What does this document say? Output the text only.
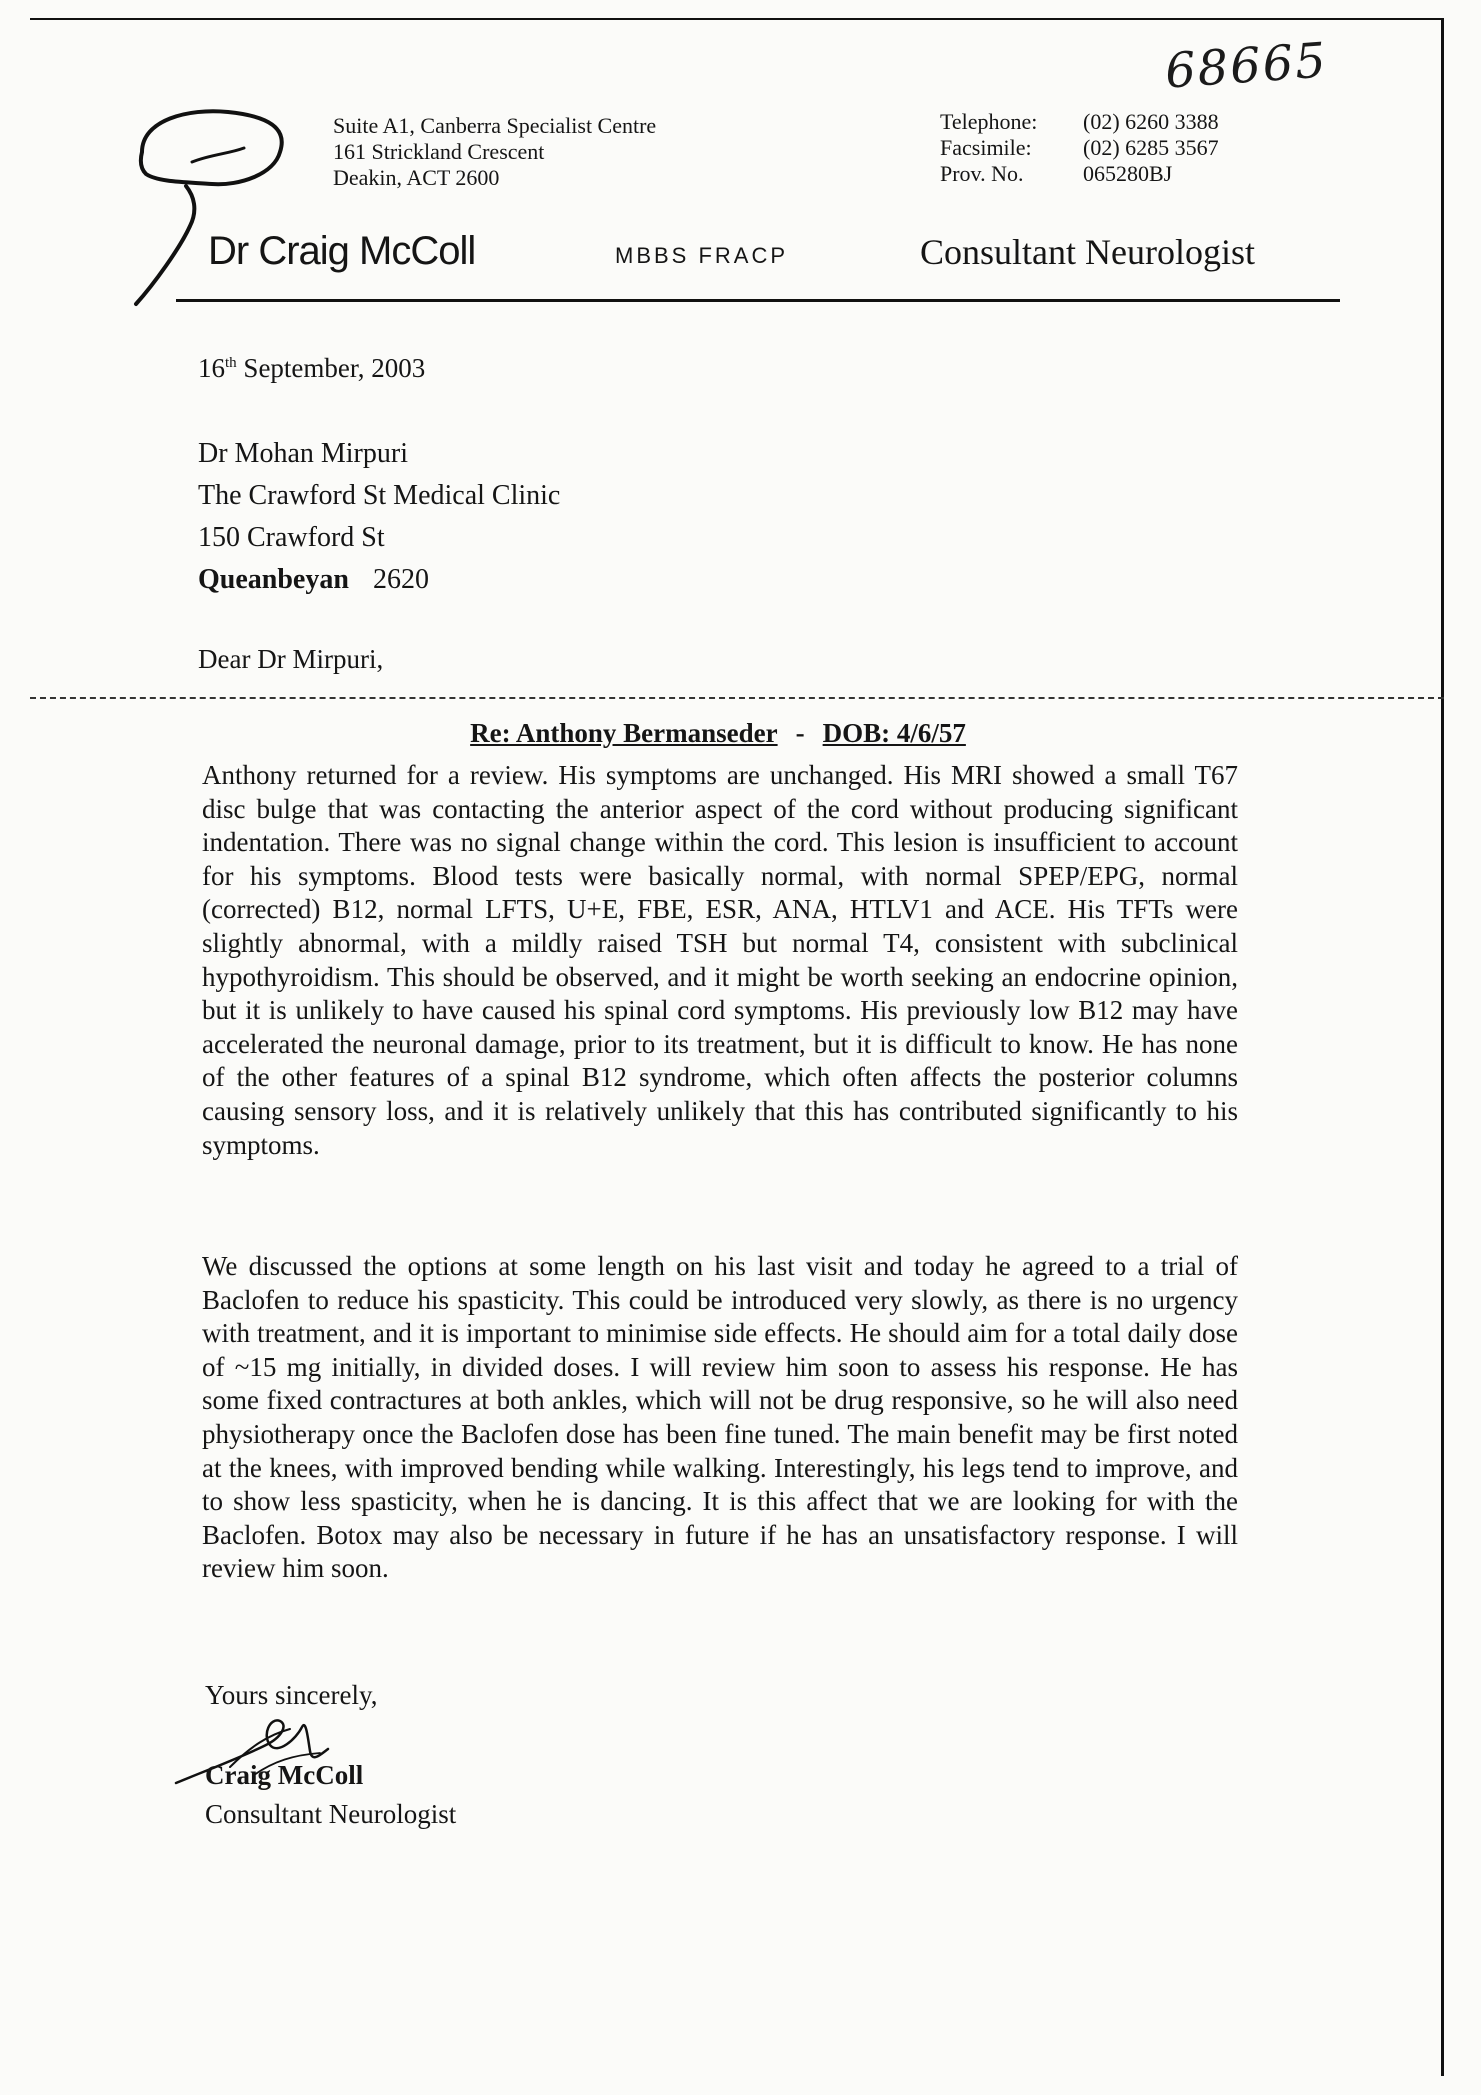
68665
Suite A1, Canberra Specialist Centre
161 Strickland Crescent
Deakin, ACT 2600
Telephone:	(02) 6260 3388
Facsimile:	(02) 6285 3567
Prov. No.	065280BJ
Dr Craig McColl	MBBS FRACP	Consultant Neurologist
16th September, 2003
Dr Mohan Mirpuri
The Crawford St Medical Clinic
150 Crawford St
Queanbeyan 2620
Dear Dr Mirpuri,
Re: Anthony Bermanseder - DOB: 4/6/57

Anthony returned for a review. His symptoms are unchanged. His MRI showed a small T67 disc bulge that was contacting the anterior aspect of the cord without producing significant indentation. There was no signal change within the cord. This lesion is insufficient to account for his symptoms. Blood tests were basically normal, with normal SPEP/EPG, normal (corrected) B12, normal LFTS, U+E, FBE, ESR, ANA, HTLV1 and ACE. His TFTs were slightly abnormal, with a mildly raised TSH but normal T4, consistent with subclinical hypothyroidism. This should be observed, and it might be worth seeking an endocrine opinion, but it is unlikely to have caused his spinal cord symptoms. His previously low B12 may have accelerated the neuronal damage, prior to its treatment, but it is difficult to know. He has none of the other features of a spinal B12 syndrome, which often affects the posterior columns causing sensory loss, and it is relatively unlikely that this has contributed significantly to his symptoms.

We discussed the options at some length on his last visit and today he agreed to a trial of Baclofen to reduce his spasticity. This could be introduced very slowly, as there is no urgency with treatment, and it is important to minimise side effects. He should aim for a total daily dose of ~15 mg initially, in divided doses. I will review him soon to assess his response. He has some fixed contractures at both ankles, which will not be drug responsive, so he will also need physiotherapy once the Baclofen dose has been fine tuned. The main benefit may be first noted at the knees, with improved bending while walking. Interestingly, his legs tend to improve, and to show less spasticity, when he is dancing. It is this affect that we are looking for with the Baclofen. Botox may also be necessary in future if he has an unsatisfactory response. I will review him soon.

Yours sincerely,
Craig McColl
Consultant Neurologist
